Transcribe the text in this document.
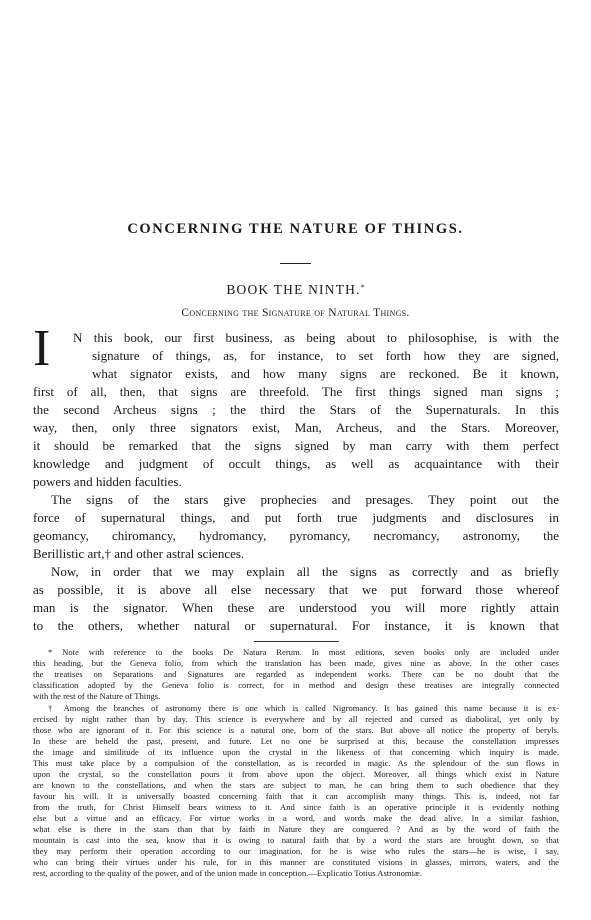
CONCERNING THE NATURE OF THINGS.
BOOK THE NINTH.*
Concerning the Signature of Natural Things.
I N this book, our first business, as being about to philosophise, is with the
signature of things, as, for instance, to set forth how they are signed,
what signator exists, and how many signs are reckoned. Be it known,
first of all, then, that signs are threefold. The first things signed man signs ;
the second Archeus signs ; the third the Stars of the Supernaturals. In this
way, then, only three signators exist, Man, Archeus, and the Stars. Moreover,
it should be remarked that the signs signed by man carry with them perfect
knowledge and judgment of occult things, as well as acquaintance with their
powers and hidden faculties.
The signs of the stars give prophecies and presages. They point out the
force of supernatural things, and put forth true judgments and disclosures in
geomancy, chiromancy, hydromancy, pyromancy, necromancy, astronomy, the
Berillistic art,† and other astral sciences.
Now, in order that we may explain all the signs as correctly and as briefly
as possible, it is above all else necessary that we put forward those whereof
man is the signator. When these are understood you will more rightly attain
to the others, whether natural or supernatural. For instance, it is known that
* Note with reference to the books De Natura Rerum. In most editions, seven books only are included under
this heading, but the Geneva folio, from which the translation has been made, gives nine as above. In the other cases
the treatises on Separations and Signatures are regarded as independent works. There can be no doubt that the
classification adopted by the Geneva folio is correct, for in method and design these treatises are integrally connected
with the rest of the Nature of Things.
† Among the branches of astronomy there is one which is called Nigromancy. It has gained this name because it is ex-
ercised by night rather than by day. This science is everywhere and by all rejected and cursed as diabolical, yet only by
those who are ignorant of it. For this science is a natural one, born of the stars. But above all notice the property of beryls.
In these are beheld the past, present, and future. Let no one be surprised at this, because the constellation impresses
the image and similitude of its influence upon the crystal in the likeness of that concerning which inquiry is made.
This must take place by a compulsion of the constellation, as is recorded in magic. As the splendour of the sun flows in
upon the crystal, so the constellation pours it from above upon the object. Moreover, all things which exist in Nature
are known to the constellations, and when the stars are subject to man, he can bring them to such obedience that they
favour his will. It is universally boasted concerning faith that it can accomplish many things. This is, indeed, not far
from the truth, for Christ Himself bears witness to it. And since faith is an operative principle it is evidently nothing
else but a virtue and an efficacy. For virtue works in a word, and words make the dead alive. In a similar fashion,
what else is there in the stars than that by faith in Nature they are conquered ? And as by the word of faith the
mountain is cast into the sea, know that it is owing to natural faith that by a word the stars are brought down, so that
they may perform their operation according to our imagination, for he is wise who rules the stars—he is wise, I say,
who can bring their virtues under his rule, for in this manner are constituted visions in glasses, mirrors, waters, and the
rest, according to the quality of the power, and of the union made in conception.—Explicatio Totius Astronomiæ.
